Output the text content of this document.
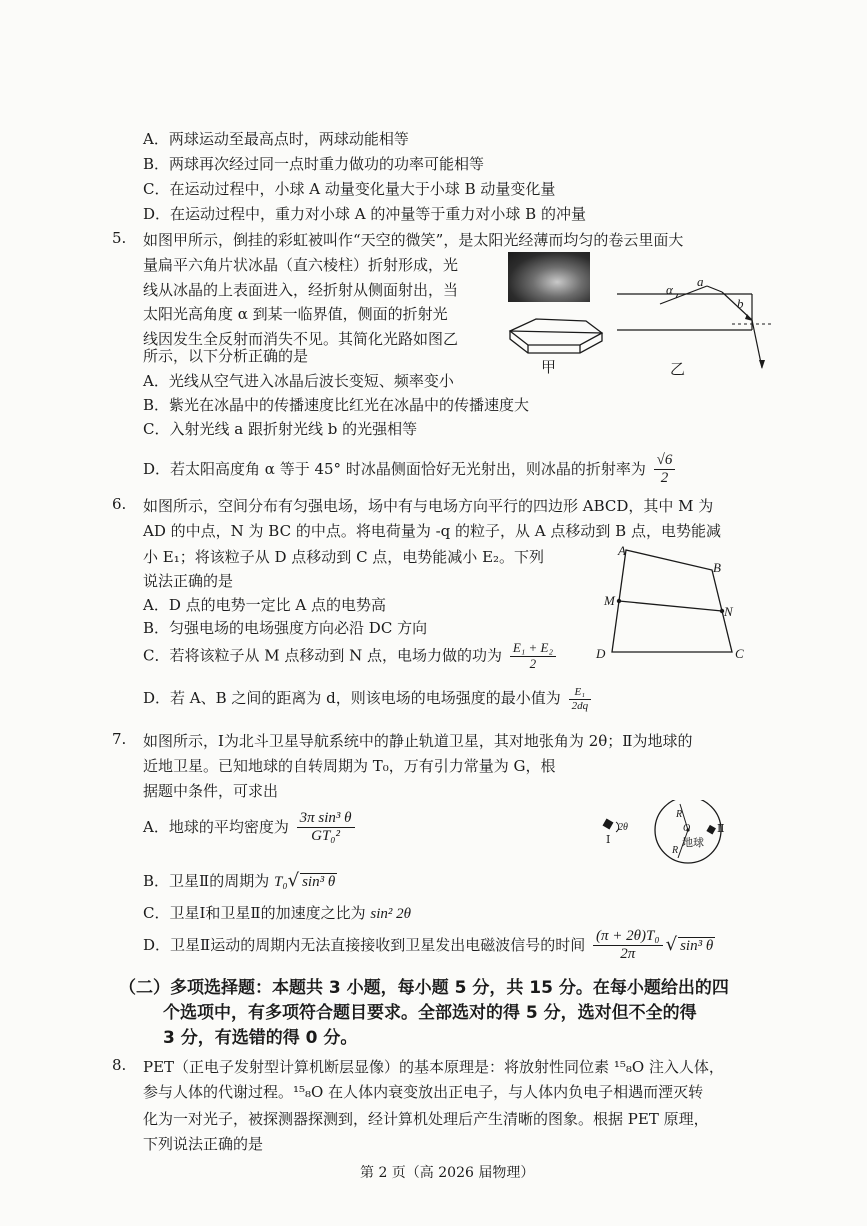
A．两球运动至最高点时，两球动能相等
B．两球再次经过同一点时重力做功的功率可能相等
C．在运动过程中，小球 A 动量变化量大于小球 B 动量变化量
D．在运动过程中，重力对小球 A 的冲量等于重力对小球 B 的冲量
5. 如图甲所示，倒挂的彩虹被叫作“天空的微笑”，是太阳光经薄而均匀的卷云里面大
量扁平六角片状冰晶（直六棱柱）折射形成，光
线从冰晶的上表面进入，经折射从侧面射出，当
太阳光高角度 α 到某一临界值，侧面的折射光
线因发生全反射而消失不见。其简化光路如图乙
所示，以下分析正确的是
A．光线从空气进入冰晶后波长变短、频率变小
B．紫光在冰晶中的传播速度比红光在冰晶中的传播速度大
C．入射光线 a 跟折射光线 b 的光强相等
D．若太阳高度角 α 等于 45° 时冰晶侧面恰好无光射出，则冰晶的折射率为 $\frac{√6}{2}$
甲
α
a
b
乙
6. 如图所示，空间分布有匀强电场，场中有与电场方向平行的四边形 ABCD，其中 M 为
AD 的中点，N 为 BC 的中点。将电荷量为 -q 的粒子，从 A 点移动到 B 点，电势能减
小 E₁；将该粒子从 D 点移动到 C 点，电势能减小 E₂。下列
说法正确的是
A．D 点的电势一定比 A 点的电势高
B．匀强电场的电场强度方向必沿 DC 方向
C．若将该粒子从 M 点移动到 N 点，电场力做的功为 $\frac{\text{E₁ + E₂}}{2}$
D．若 A、B 之间的距离为 d，则该电场的电场强度的最小值为 $\frac{\text{E₁}}{2dq}$
A
B
C
D
M
N
7. 如图所示，Ⅰ为北斗卫星导航系统中的静止轨道卫星，其对地张角为 2θ；Ⅱ为地球的
近地卫星。已知地球的自转周期为 T₀，万有引力常量为 G，根
据题中条件，可求出
A．地球的平均密度为 $\frac{\text{3π sin³ θ}}{\text{GT₀²}}$
B．卫星Ⅱ的周期为 T₀√ sin³ θ
C．卫星Ⅰ和卫星Ⅱ的加速度之比为 sin² 2θ
D．卫星Ⅱ运动的周期内无法直接接收到卫星发出电磁波信号的时间 $\frac{\text{(π + 2θ)T₀}}{2\pi}$ √ sin³ θ
Ⅰ
2θ
R
O
R
地球
Ⅱ
（二）多项选择题：本题共 3 小题，每小题 5 分，共 15 分。在每小题给出的四
个选项中，有多项符合题目要求。全部选对的得 5 分，选对但不全的得
3 分，有选错的得 0 分。
8. PET（正电子发射型计算机断层显像）的基本原理是：将放射性同位素 ¹⁵₈O 注入人体，
参与人体的代谢过程。¹⁵₈O 在人体内衰变放出正电子，与人体内负电子相遇而湮灭转
化为一对光子，被探测器探测到，经计算机处理后产生清晰的图象。根据 PET 原理，
下列说法正确的是
第 2 页（高 2026 届物理）
